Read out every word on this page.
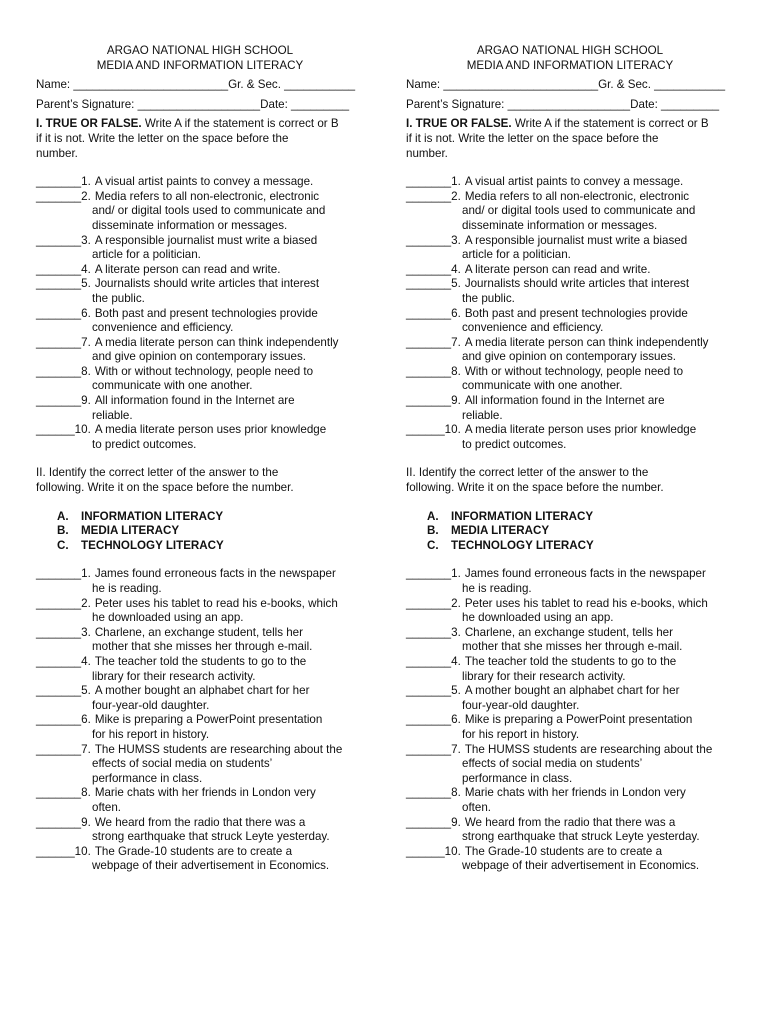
ARGAO NATIONAL HIGH SCHOOL
MEDIA AND INFORMATION LITERACY
Name: ________________________Gr. & Sec. ___________
Parent’s Signature: ___________________Date: _________
I. TRUE OR FALSE. Write A if the statement is correct or B
if it is not. Write the letter on the space before the
number.
_______1. A visual artist paints to convey a message.
_______2. Media refers to all non-electronic, electronic
and/ or digital tools used to communicate and
disseminate information or messages.
_______3. A responsible journalist must write a biased
article for a politician.
_______4. A literate person can read and write.
_______5. Journalists should write articles that interest
the public.
_______6. Both past and present technologies provide
convenience and efficiency.
_______7. A media literate person can think independently
and give opinion on contemporary issues.
_______8. With or without technology, people need to
communicate with one another.
_______9. All information found in the Internet are
reliable.
______10. A media literate person uses prior knowledge
to predict outcomes.
II. Identify the correct letter of the answer to the
following. Write it on the space before the number.
A.	INFORMATION LITERACY
B.	MEDIA LITERACY
C.	TECHNOLOGY LITERACY
_______1. James found erroneous facts in the newspaper
he is reading.
_______2. Peter uses his tablet to read his e-books, which
he downloaded using an app.
_______3. Charlene, an exchange student, tells her
mother that she misses her through e-mail.
_______4. The teacher told the students to go to the
library for their research activity.
_______5. A mother bought an alphabet chart for her
four-year-old daughter.
_______6. Mike is preparing a PowerPoint presentation
for his report in history.
_______7. The HUMSS students are researching about the
effects of social media on students’
performance in class.
_______8. Marie chats with her friends in London very
often.
_______9. We heard from the radio that there was a
strong earthquake that struck Leyte yesterday.
______10. The Grade-10 students are to create a
webpage of their advertisement in Economics.
ARGAO NATIONAL HIGH SCHOOL
MEDIA AND INFORMATION LITERACY
Name: ________________________Gr. & Sec. ___________
Parent’s Signature: ___________________Date: _________
I. TRUE OR FALSE. Write A if the statement is correct or B
if it is not. Write the letter on the space before the
number.
_______1. A visual artist paints to convey a message.
_______2. Media refers to all non-electronic, electronic
and/ or digital tools used to communicate and
disseminate information or messages.
_______3. A responsible journalist must write a biased
article for a politician.
_______4. A literate person can read and write.
_______5. Journalists should write articles that interest
the public.
_______6. Both past and present technologies provide
convenience and efficiency.
_______7. A media literate person can think independently
and give opinion on contemporary issues.
_______8. With or without technology, people need to
communicate with one another.
_______9. All information found in the Internet are
reliable.
______10. A media literate person uses prior knowledge
to predict outcomes.
II. Identify the correct letter of the answer to the
following. Write it on the space before the number.
A.	INFORMATION LITERACY
B.	MEDIA LITERACY
C.	TECHNOLOGY LITERACY
_______1. James found erroneous facts in the newspaper
he is reading.
_______2. Peter uses his tablet to read his e-books, which
he downloaded using an app.
_______3. Charlene, an exchange student, tells her
mother that she misses her through e-mail.
_______4. The teacher told the students to go to the
library for their research activity.
_______5. A mother bought an alphabet chart for her
four-year-old daughter.
_______6. Mike is preparing a PowerPoint presentation
for his report in history.
_______7. The HUMSS students are researching about the
effects of social media on students’
performance in class.
_______8. Marie chats with her friends in London very
often.
_______9. We heard from the radio that there was a
strong earthquake that struck Leyte yesterday.
______10. The Grade-10 students are to create a
webpage of their advertisement in Economics.
